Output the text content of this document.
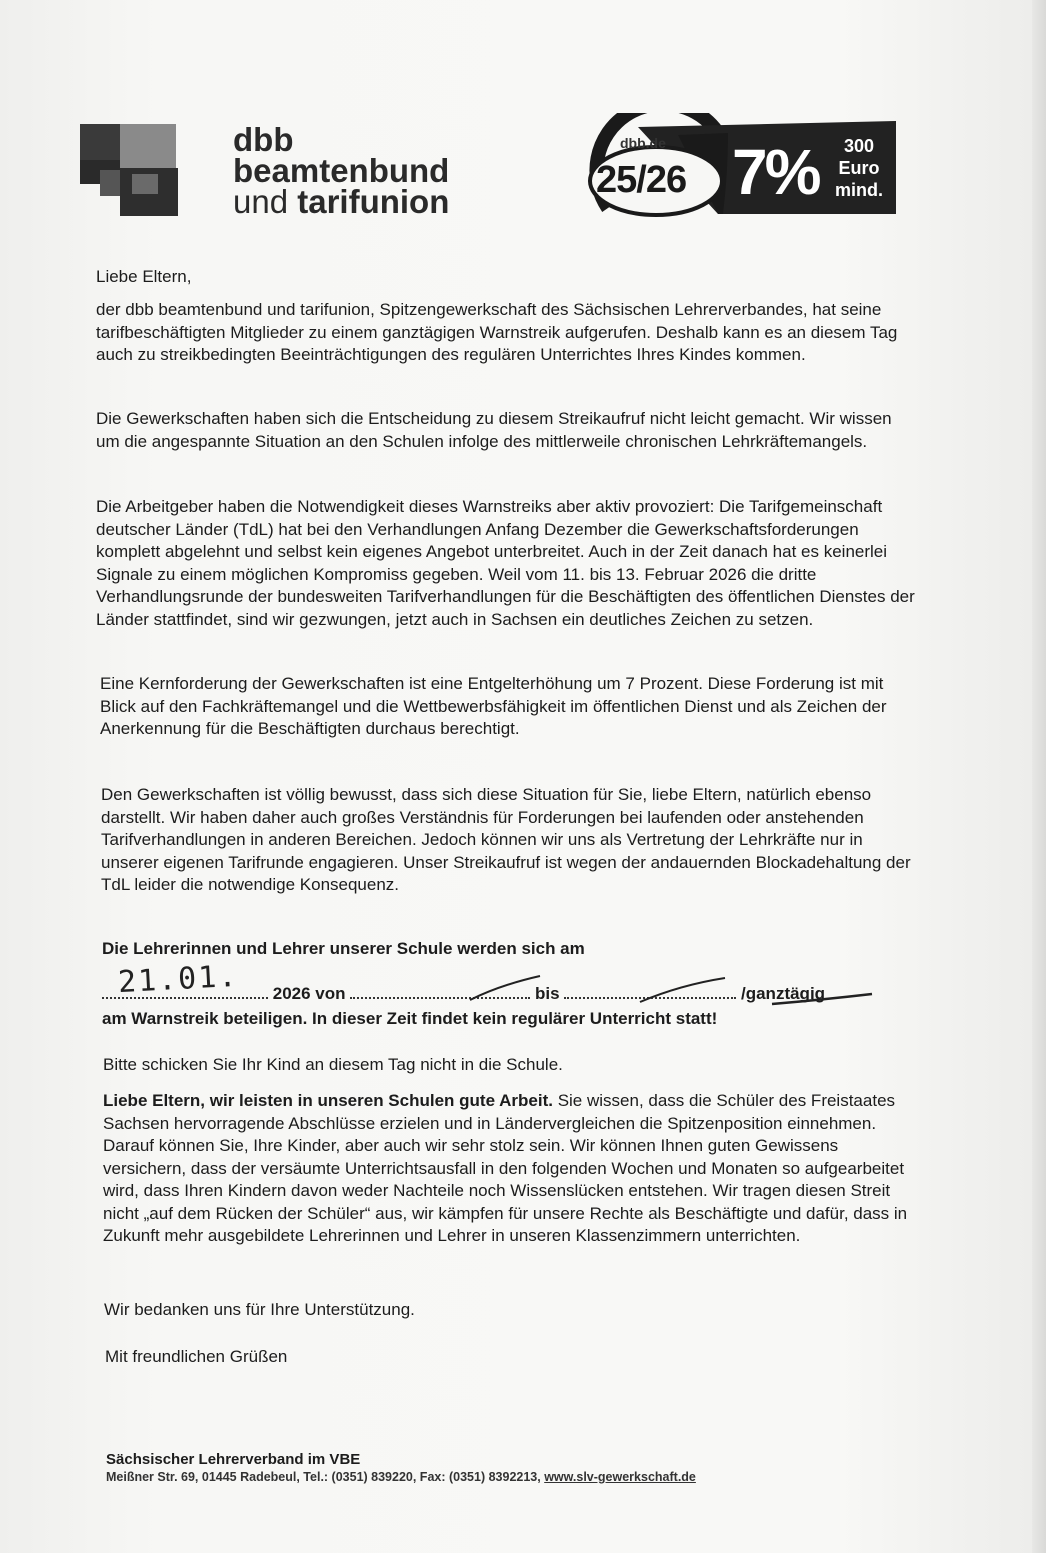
dbb
beamtenbund
und tarifunion
dbb.de
25/26 7%	300
Euro
mind.
Liebe Eltern,
der dbb beamtenbund und tarifunion, Spitzengewerkschaft des Sächsischen Lehrerverbandes, hat seine tarifbeschäftigten Mitglieder zu einem ganztägigen Warnstreik aufgerufen. Deshalb kann es an diesem Tag auch zu streikbedingten Beeinträchtigungen des regulären Unterrichtes Ihres Kindes kommen.
Die Gewerkschaften haben sich die Entscheidung zu diesem Streikaufruf nicht leicht gemacht. Wir wissen um die angespannte Situation an den Schulen infolge des mittlerweile chronischen Lehrkräftemangels.
Die Arbeitgeber haben die Notwendigkeit dieses Warnstreiks aber aktiv provoziert: Die Tarifgemeinschaft deutscher Länder (TdL) hat bei den Verhandlungen Anfang Dezember die Gewerkschaftsforderungen komplett abgelehnt und selbst kein eigenes Angebot unterbreitet. Auch in der Zeit danach hat es keinerlei Signale zu einem möglichen Kompromiss gegeben. Weil vom 11. bis 13. Februar 2026 die dritte Verhandlungsrunde der bundesweiten Tarifverhandlungen für die Beschäftigten des öffentlichen Dienstes der Länder stattfindet, sind wir gezwungen, jetzt auch in Sachsen ein deutliches Zeichen zu setzen.
Eine Kernforderung der Gewerkschaften ist eine Entgelterhöhung um 7 Prozent. Diese Forderung ist mit Blick auf den Fachkräftemangel und die Wettbewerbsfähigkeit im öffentlichen Dienst und als Zeichen der Anerkennung für die Beschäftigten durchaus berechtigt.
Den Gewerkschaften ist völlig bewusst, dass sich diese Situation für Sie, liebe Eltern, natürlich ebenso darstellt. Wir haben daher auch großes Verständnis für Forderungen bei laufenden oder anstehenden Tarifverhandlungen in anderen Bereichen. Jedoch können wir uns als Vertretung der Lehrkräfte nur in unserer eigenen Tarifrunde engagieren. Unser Streikaufruf ist wegen der andauernden Blockadehaltung der TdL leider die notwendige Konsequenz.
Die Lehrerinnen und Lehrer unserer Schule werden sich am
21.01.	2026 von	bis	/ganztägig
am Warnstreik beteiligen. In dieser Zeit findet kein regulärer Unterricht statt!
Bitte schicken Sie Ihr Kind an diesem Tag nicht in die Schule.
Liebe Eltern, wir leisten in unseren Schulen gute Arbeit. Sie wissen, dass die Schüler des Freistaates Sachsen hervorragende Abschlüsse erzielen und in Ländervergleichen die Spitzenposition einnehmen. Darauf können Sie, Ihre Kinder, aber auch wir sehr stolz sein. Wir können Ihnen guten Gewissens versichern, dass der versäumte Unterrichtsausfall in den folgenden Wochen und Monaten so aufgearbeitet wird, dass Ihren Kindern davon weder Nachteile noch Wissenslücken entstehen. Wir tragen diesen Streit nicht „auf dem Rücken der Schüler“ aus, wir kämpfen für unsere Rechte als Beschäftigte und dafür, dass in Zukunft mehr ausgebildete Lehrerinnen und Lehrer in unseren Klassenzimmern unterrichten.
Wir bedanken uns für Ihre Unterstützung.
Mit freundlichen Grüßen
Sächsischer Lehrerverband im VBE
Meißner Str. 69, 01445 Radebeul, Tel.: (0351) 839220, Fax: (0351) 8392213, www.slv-gewerkschaft.de
